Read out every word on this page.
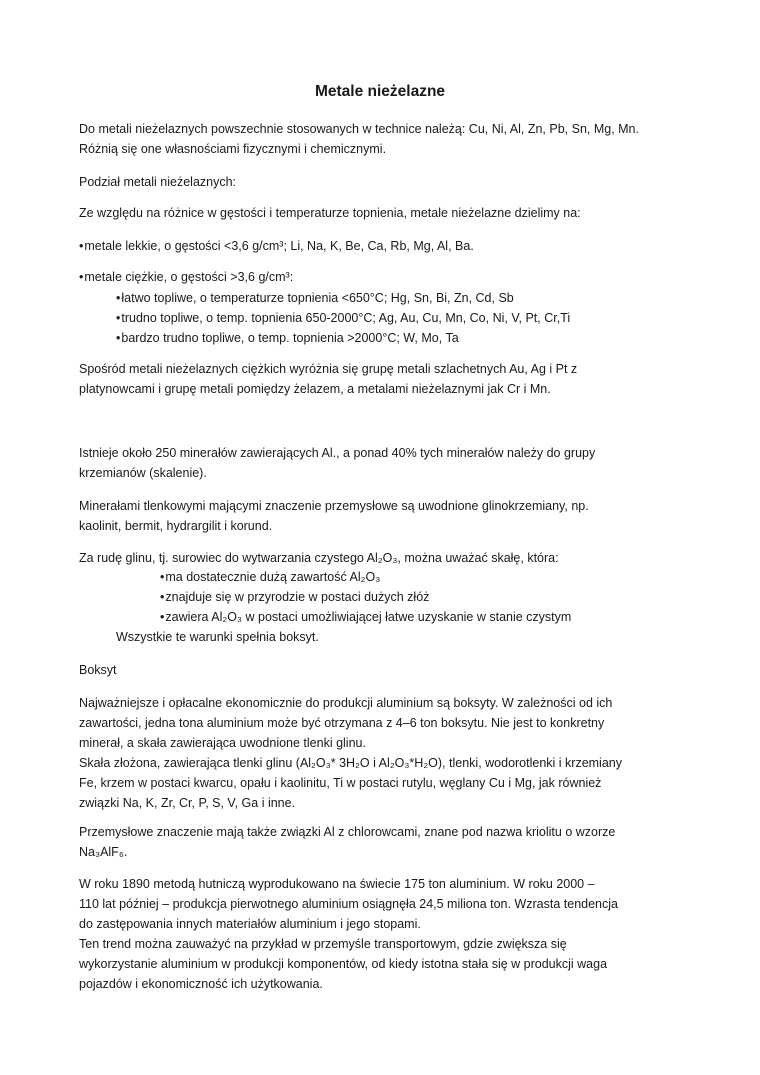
Metale nieżelazne
Do metali nieżelaznych powszechnie stosowanych w technice należą: Cu, Ni, Al, Zn, Pb, Sn, Mg, Mn.
Różnią się one własnościami fizycznymi i chemicznymi.
Podział metali nieżelaznych:
Ze względu na różnice w gęstości i temperaturze topnienia, metale nieżelazne dzielimy na:
• metale lekkie, o gęstości <3,6 g/cm³; Li, Na, K, Be, Ca, Rb, Mg, Al, Ba.
• metale ciężkie, o gęstości >3,6 g/cm³:
• łatwo topliwe, o temperaturze topnienia <650°C; Hg, Sn, Bi, Zn, Cd, Sb
• trudno topliwe, o temp. topnienia 650-2000°C; Ag, Au, Cu, Mn, Co, Ni, V, Pt, Cr,Ti
• bardzo trudno topliwe, o temp. topnienia >2000°C; W, Mo, Ta
Spośród metali nieżelaznych ciężkich wyróżnia się grupę metali szlachetnych Au, Ag i Pt z
platynowcami i grupę metali pomiędzy żelazem, a metalami nieżelaznymi jak Cr i Mn.
Istnieje około 250 minerałów zawierających Al., a ponad 40% tych minerałów należy do grupy
krzemianów (skalenie).
Minerałami tlenkowymi mającymi znaczenie przemysłowe są uwodnione glinokrzemiany, np.
kaolinit, bermit, hydrargilit i korund.
Za rudę glinu, tj. surowiec do wytwarzania czystego Al₂O₃, można uważać skałę, która:
• ma dostatecznie dużą zawartość Al₂O₃
• znajduje się w przyrodzie w postaci dużych złóż
• zawiera Al₂O₃ w postaci umożliwiającej łatwe uzyskanie w stanie czystym
Wszystkie te warunki spełnia boksyt.
Boksyt
Najważniejsze i opłacalne ekonomicznie do produkcji aluminium są boksyty. W zależności od ich
zawartości, jedna tona aluminium może być otrzymana z 4–6 ton boksytu. Nie jest to konkretny
minerał, a skała zawierająca uwodnione tlenki glinu.
Skała złożona, zawierająca tlenki glinu (Al₂O₃* 3H₂O i Al₂O₃*H₂O), tlenki, wodorotlenki i krzemiany
Fe, krzem w postaci kwarcu, opału i kaolinitu, Ti w postaci rutylu, węglany Cu i Mg, jak również
związki Na, K, Zr, Cr, P, S, V, Ga i inne.
Przemysłowe znaczenie mają także związki Al z chlorowcami, znane pod nazwa kriolitu o wzorze
Na₃AlF₆.
W roku 1890 metodą hutniczą wyprodukowano na świecie 175 ton aluminium. W roku 2000 –
110 lat później – produkcja pierwotnego aluminium osiągnęła 24,5 miliona ton. Wzrasta tendencja
do zastępowania innych materiałów aluminium i jego stopami.
Ten trend można zauważyć na przykład w przemyśle transportowym, gdzie zwiększa się
wykorzystanie aluminium w produkcji komponentów, od kiedy istotna stała się w produkcji waga
pojazdów i ekonomiczność ich użytkowania.
